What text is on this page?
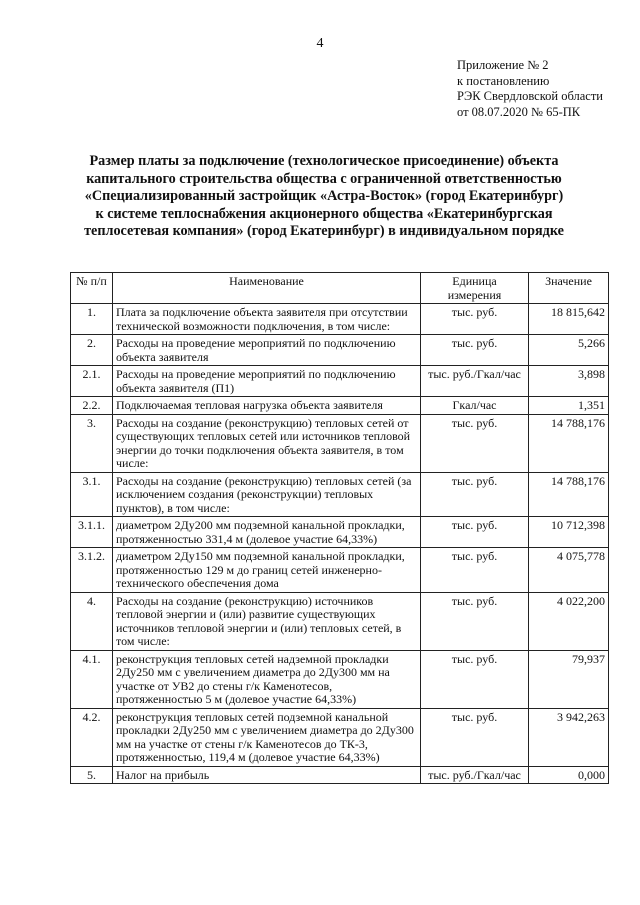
4
Приложение № 2
к постановлению
РЭК Свердловской области
от 08.07.2020 № 65-ПК
Размер платы за подключение (технологическое присоединение) объекта
капитального строительства общества с ограниченной ответственностью
«Специализированный застройщик «Астра-Восток» (город Екатеринбург)
к системе теплоснабжения акционерного общества «Екатеринбургская
теплосетевая компания» (город Екатеринбург) в индивидуальном порядке
№ п/п	Наименование	Единица измерения	Значение
1.	Плата за подключение объекта заявителя при отсутствии технической возможности подключения, в том числе:	тыс. руб.	18 815,642
2.	Расходы на проведение мероприятий по подключению объекта заявителя	тыс. руб.	5,266
2.1.	Расходы на проведение мероприятий по подключению объекта заявителя (П1)	тыс. руб./Гкал/час	3,898
2.2.	Подключаемая тепловая нагрузка объекта заявителя	Гкал/час	1,351
3.	Расходы на создание (реконструкцию) тепловых сетей от существующих тепловых сетей или источников тепловой энергии до точки подключения объекта заявителя, в том числе:	тыс. руб.	14 788,176
3.1.	Расходы на создание (реконструкцию) тепловых сетей (за исключением создания (реконструкции) тепловых пунктов), в том числе:	тыс. руб.	14 788,176
3.1.1.	диаметром 2Ду200 мм подземной канальной прокладки, протяженностью 331,4 м (долевое участие 64,33%)	тыс. руб.	10 712,398
3.1.2.	диаметром 2Ду150 мм подземной канальной прокладки, протяженностью 129 м до границ сетей инженерно-технического обеспечения дома	тыс. руб.	4 075,778
4.	Расходы на создание (реконструкцию) источников тепловой энергии и (или) развитие существующих источников тепловой энергии и (или) тепловых сетей, в том числе:	тыс. руб.	4 022,200
4.1.	реконструкция тепловых сетей надземной прокладки 2Ду250 мм с увеличением диаметра до 2Ду300 мм на участке от УВ2 до стены г/к Каменотесов, протяженностью 5 м (долевое участие 64,33%)	тыс. руб.	79,937
4.2.	реконструкция тепловых сетей подземной канальной прокладки 2Ду250 мм с увеличением диаметра до 2Ду300 мм на участке от стены г/к Каменотесов до ТК-3, протяженностью, 119,4 м (долевое участие 64,33%)	тыс. руб.	3 942,263
5.	Налог на прибыль	тыс. руб./Гкал/час	0,000
